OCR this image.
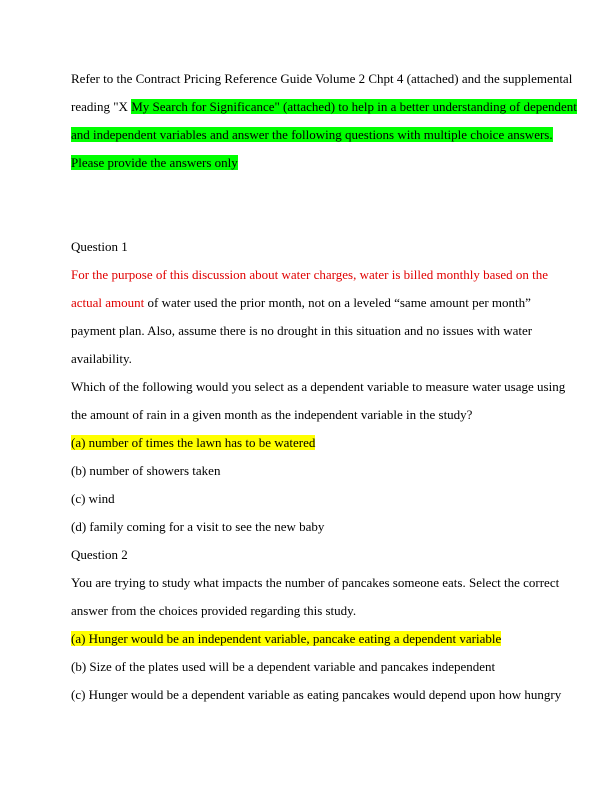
Refer to the Contract Pricing Reference Guide Volume 2 Chpt 4 (attached) and the supplemental
reading "X My Search for Significance" (attached) to help in a better understanding of dependent
and independent variables and answer the following questions with multiple choice answers.
Please provide the answers only
Question 1
For the purpose of this discussion about water charges, water is billed monthly based on the
actual amount of water used the prior month, not on a leveled “same amount per month”
payment plan. Also, assume there is no drought in this situation and no issues with water
availability.
Which of the following would you select as a dependent variable to measure water usage using
the amount of rain in a given month as the independent variable in the study?
(a) number of times the lawn has to be watered
(b) number of showers taken
(c) wind
(d) family coming for a visit to see the new baby
Question 2
You are trying to study what impacts the number of pancakes someone eats. Select the correct
answer from the choices provided regarding this study.
(a) Hunger would be an independent variable, pancake eating a dependent variable
(b) Size of the plates used will be a dependent variable and pancakes independent
(c) Hunger would be a dependent variable as eating pancakes would depend upon how hungry
